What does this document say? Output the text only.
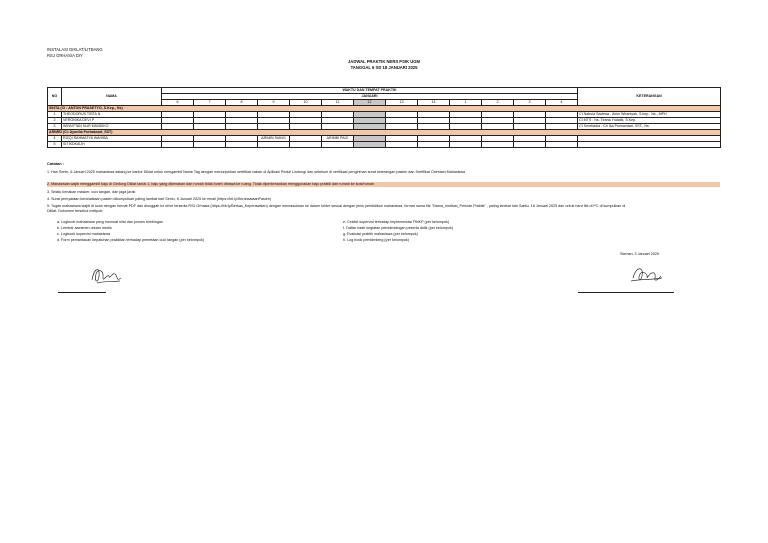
INSTALASI DIKLAT/LITBANG
RSJ GRHASIA DIY
JADWAL PRAKTIK NERS PSIK UGM
TANGGAL 6 SD 18 JANUARI 2025
NO	NAMA	WAKTU DAN TEMPAT PRAKTIK													KETERANGAN
		JANUARI													
		6	7	8	9	10	11	12	13	14	1	2	3	4	
SINTA (Cl : ANTON PRASETYO, S.Kep., Ns)															
1	THEODORUS TIRTA N														CI Nabula Sadewa - Akim Wiraniyah, S.kep., Ns., MPH
2	VERONIKA DEVI P														CI MTS : Ns. Tirana Yudatik, S.Kep.
3	WINNYTAN NUR MANDIKO														CI Sembadra : Cri Ika Purwandari, SST., Ns
ARIMBI (Cl: Ayunita Purbaksari, SST)															
4	RIZQI RAHMATYA WAHIBA				ARIMBI SIANG		ARIMBI PAGI								
5	SITIKDKAUH														
Catatan :
1. Hari Senin, 6 Januari 2025 mahasiswa datang ke kantor Diklat untuk mengambil Name Tag dengan menunjukkan sertifikat vaksin di Aplikasi Peduli Lindungi dan sebelum di verifikasi pengiriman surat keterangan pasien dan Sertifikat Orientasi Mahasiswa
2. Mahasiswa wajib menggambil baju di Gedung Diklat lantai 1, baju yang dikenakan dari rumah tidak boleh dibawa ke ruang. Tidak diperkenankan menggunakan baju praktik dari rumah ke kost/rumah
3. Selalu kenakan masker, cuci tangan, dan jaga jarak
4. Surat pernyataan kerahasiaan pasien dikumpulkan paling lambat hari Senin, 6 Januari 2025 ke email (https://bit.ly/KerahasiaanPasien)
5. Tugas mahasiswa wajib di scan dengan format PDF dan diunggah ke drive tersedia RSJ Grhasia (https://bit.ly/Berkas_Keperawatan) dengan memasukkan ke dalam folder sesuai dengan jenis pendidikan mahasiswa, format nama file "Nama_Institusi_Periode Praktik" , paling lambat hari Sabtu, 18 Januari 2025 dan untuk hard file di PC di kumpulkan di
Diklat. Dokumen tersebut meliputi:
a. Logbook mahasiswa yang memuat nilai dan proses bimbingan
b. Lembar asesmen rekam medis
c. Logbook supervisi mahasiswa
d. Form pemantauan kepatuhan prakiktan terhadap pemetaan cuci tangan (per kelompok)
e. Ceklist supervisi terhadap implementasi PMKP (per kelompok)
f. Daftar hadir kegiatan pembimbingan peserta didik (per kelompok)
g. Evaluasi praktik mahasiswa (per kelompok)
h. Log book pembimbing (per kelompok)
Sleman, 3 Januari 2025
